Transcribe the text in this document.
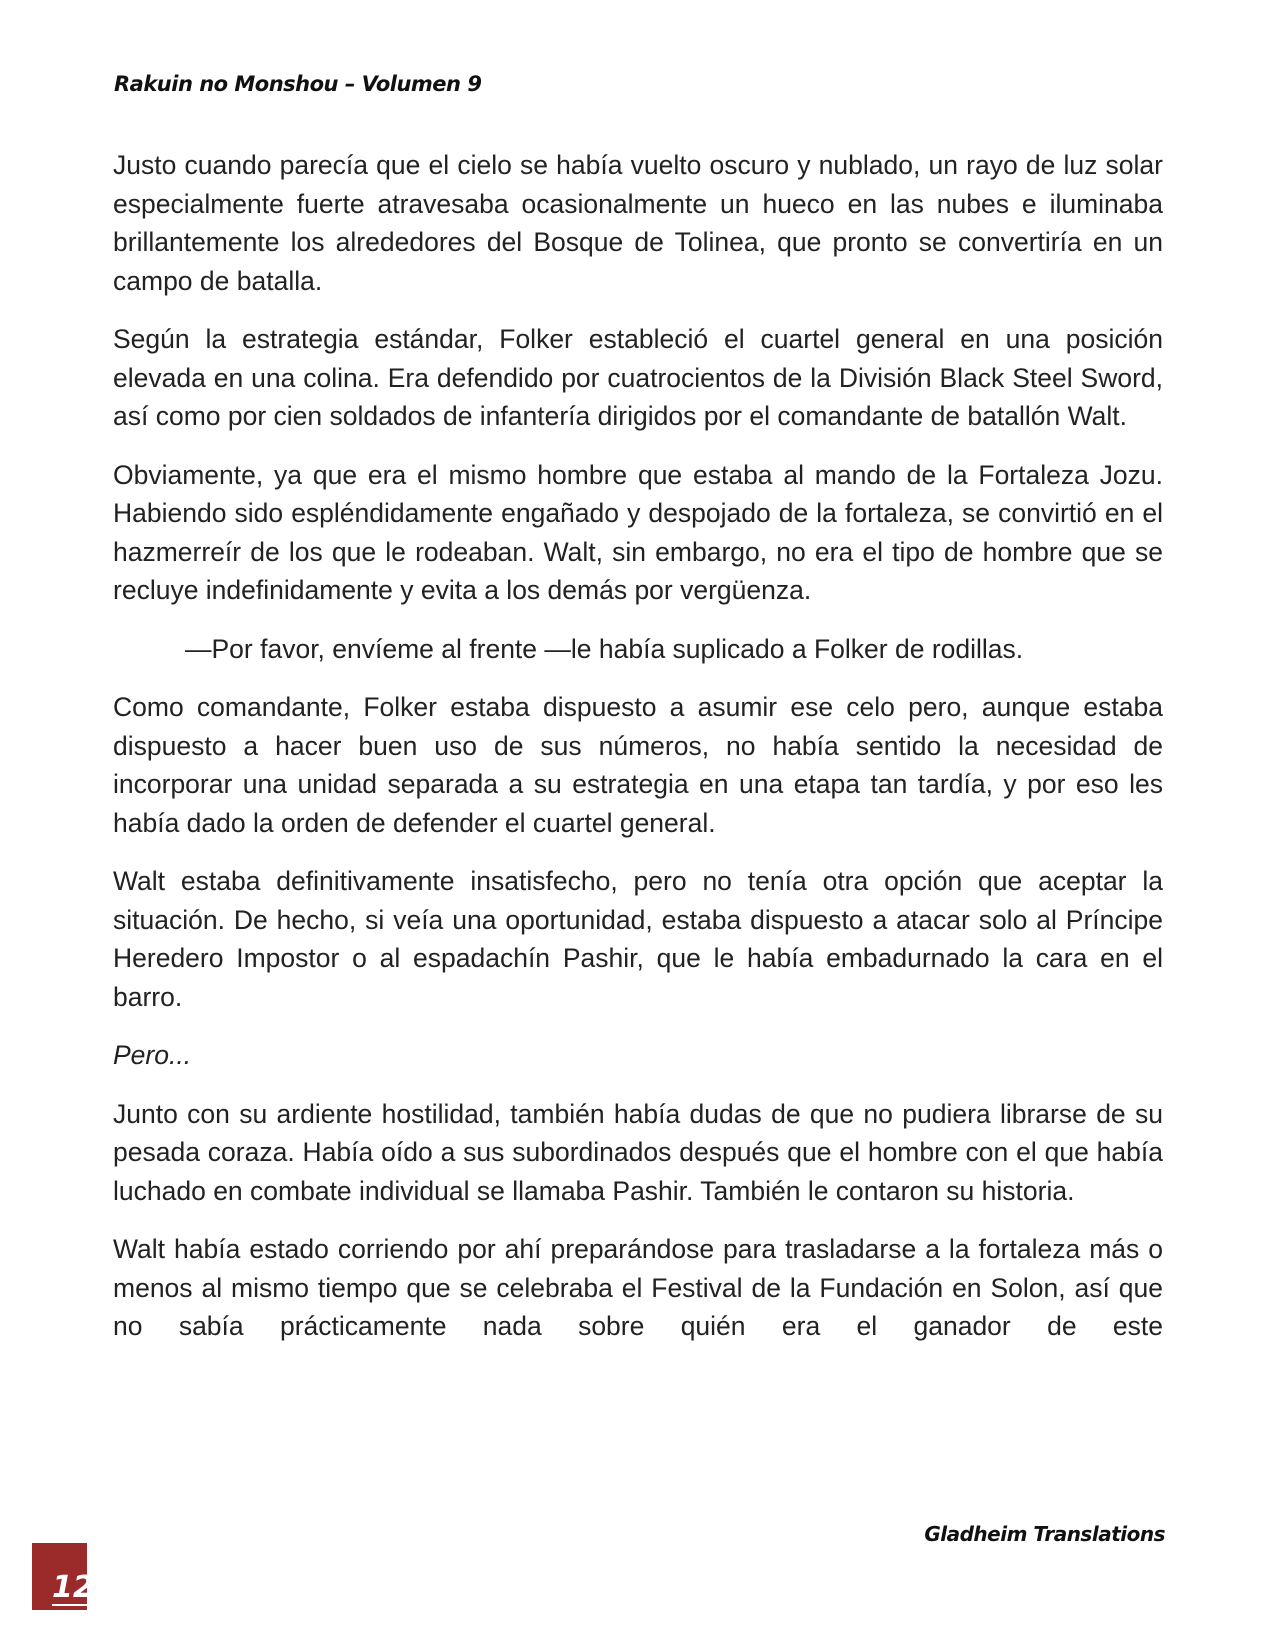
Rakuin no Monshou – Volumen 9

Justo cuando parecía que el cielo se había vuelto oscuro y nublado, un rayo de luz solar especialmente fuerte atravesaba ocasionalmente un hueco en las nubes e iluminaba brillantemente los alrededores del Bosque de Tolinea, que pronto se convertiría en un campo de batalla.

Según la estrategia estándar, Folker estableció el cuartel general en una posición elevada en una colina. Era defendido por cuatrocientos de la División Black Steel Sword, así como por cien soldados de infantería dirigidos por el comandante de batallón Walt.

Obviamente, ya que era el mismo hombre que estaba al mando de la Fortaleza Jozu. Habiendo sido espléndidamente engañado y despojado de la fortaleza, se convirtió en el hazmerreír de los que le rodeaban. Walt, sin embargo, no era el tipo de hombre que se recluye indefinidamente y evita a los demás por vergüenza.

—Por favor, envíeme al frente —le había suplicado a Folker de rodillas.

Como comandante, Folker estaba dispuesto a asumir ese celo pero, aunque estaba dispuesto a hacer buen uso de sus números, no había sentido la necesidad de incorporar una unidad separada a su estrategia en una etapa tan tardía, y por eso les había dado la orden de defender el cuartel general.

Walt estaba definitivamente insatisfecho, pero no tenía otra opción que aceptar la situación. De hecho, si veía una oportunidad, estaba dispuesto a atacar solo al Príncipe Heredero Impostor o al espadachín Pashir, que le había embadurnado la cara en el barro.

Pero...

Junto con su ardiente hostilidad, también había dudas de que no pudiera librarse de su pesada coraza. Había oído a sus subordinados después que el hombre con el que había luchado en combate individual se llamaba Pashir. También le contaron su historia.

Walt había estado corriendo por ahí preparándose para trasladarse a la fortaleza más o menos al mismo tiempo que se celebraba el Festival de la Fundación en Solon, así que no sabía prácticamente nada sobre quién era el ganador de este

Gladheim Translations
12
